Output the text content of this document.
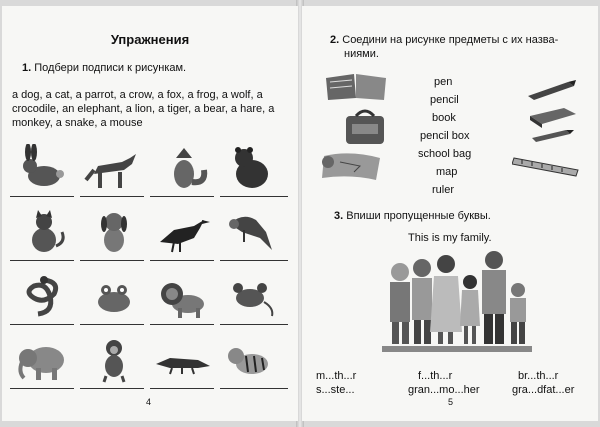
Упражнения
1. Подбери подписи к рисункам.
a dog, a cat, a parrot, a crow, a fox, a frog, a wolf, a crocodile, an elephant, a lion, a tiger, a bear, a hare, a monkey, a snake, a mouse
4
2. Соедини на рисунке предметы с их назва-
ниями.
pen
pencil
book
pencil box
school bag
map
ruler
3. Впиши пропущенные буквы.
This is my family.
m...th...r	f...th...r	br...th...r
s...ste...	gran...mo...her	gra...dfat...er
5
